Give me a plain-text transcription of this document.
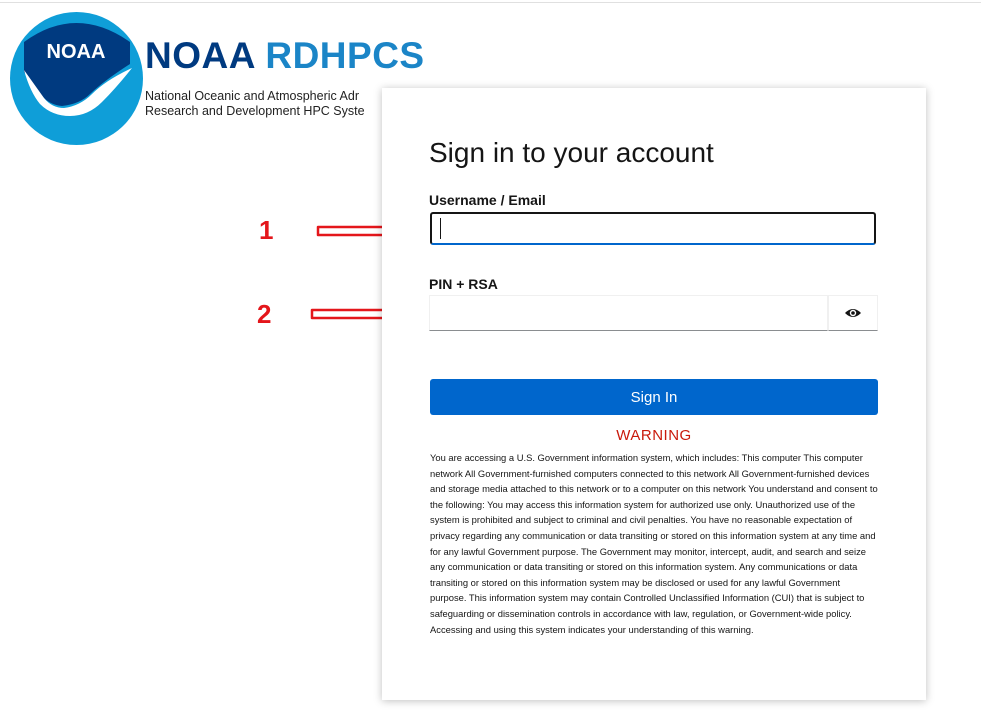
NOAA NOAA RDHPCS
National Oceanic and Atmospheric Adr
Research and Development HPC Syste
1
2
Sign in to your account
Username / Email
PIN + RSA
Sign In
WARNING
You are accessing a U.S. Government information system, which includes: This computer This computer network All Government-furnished computers connected to this network All Government-furnished devices and storage media attached to this network or to a computer on this network You understand and consent to the following: You may access this information system for authorized use only. Unauthorized use of the system is prohibited and subject to criminal and civil penalties. You have no reasonable expectation of privacy regarding any communication or data transiting or stored on this information system at any time and for any lawful Government purpose. The Government may monitor, intercept, audit, and search and seize any communication or data transiting or stored on this information system. Any communications or data transiting or stored on this information system may be disclosed or used for any lawful Government purpose. This information system may contain Controlled Unclassified Information (CUI) that is subject to safeguarding or dissemination controls in accordance with law, regulation, or Government-wide policy. Accessing and using this system indicates your understanding of this warning.
